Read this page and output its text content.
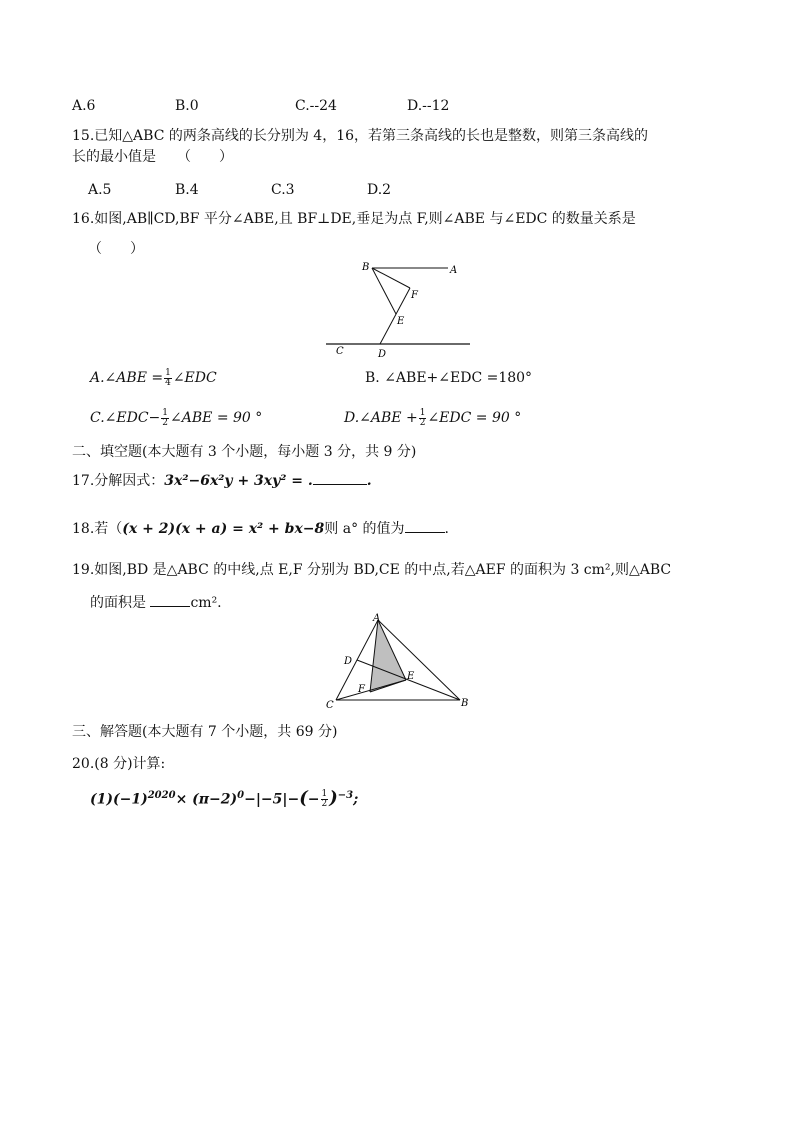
A.6	B.0	C.--24	D.--12
15.已知△ABC 的两条高线的长分别为 4，16，若第三条高线的长也是整数，则第三条高线的
长的最小值是　　（　　）
A.5	B.4	C.3	D.2
16.如图,AB∥CD,BF 平分∠ABE,且 BF⊥DE,垂足为点 F,则∠ABE 与∠EDC 的数量关系是
（　　）
B	A
F
E
C	D
A.∠ABE = $\frac{1}{4}$ ∠EDC	B. ∠ABE+∠EDC =180°
C.∠EDC− $\frac{1}{2}$ ∠ABE = 90 °	D.∠ABE + $\frac{1}{2}$ ∠EDC = 90 °
二、填空题(本大题有 3 个小题，每小题 3 分，共 9 分)
17.分解因式：3x²−6x²y + 3xy² = .	.
18.若（(x + 2)(x + a) = x² + bx−8则 a° 的值为	.
19.如图,BD 是△ABC 的中线,点 E,F 分别为 BD,CE 的中点,若△AEF 的面积为 3 cm²,则△ABC
的面积是	cm².
A
D
E
F
C	B
三、解答题(本大题有 7 个小题，共 69 分)
20.(8 分)计算:
$(1)(-1)^{2020}\times (\pi-2)^0-|-5|-(- \frac{1}{2} )^{-3}$;
